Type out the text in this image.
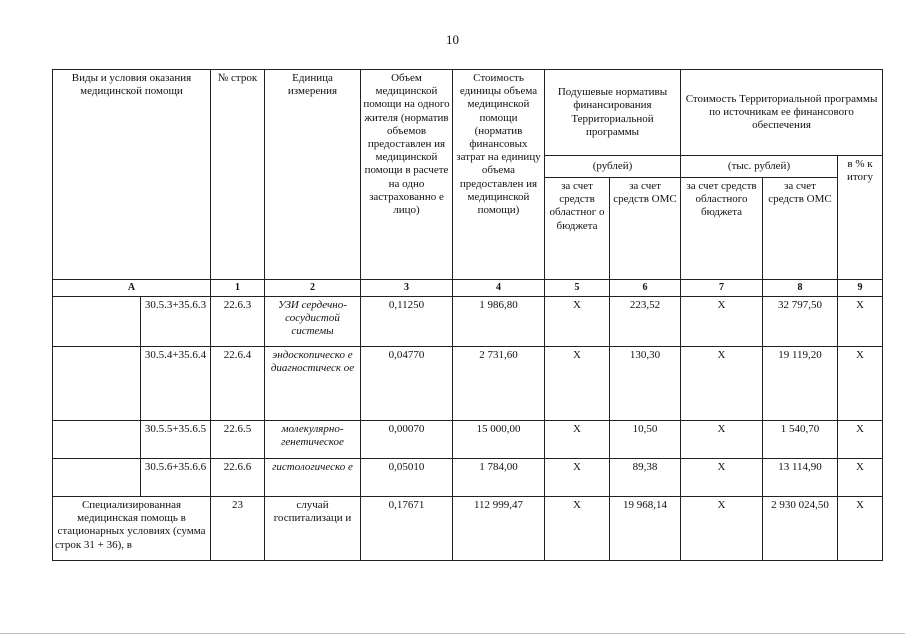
10
Виды и условия оказания медицинской помощи		№ строк	Единица измерения	Объем медицинской помощи на одного жителя (норматив объемов предоставлен ия медицинской помощи в расчете на одно застрахованно е лицо)	Стоимость единицы объема медицинской помощи (норматив финансовых затрат на единицу объема предоставлен ия медицинской помощи)	Подушевые нормативы финансирования Территориальной программы		Стоимость Территориальной программы по источникам ее финансового обеспечения		
						(рублей)		(тыс. рублей)		в % к итогу
						за счет средств областног о бюджета	за счет средств ОМС	за счет средств областного бюджета	за счет средств ОМС	
А		1	2	3	4	5	6	7	8	9
	30.5.3+35.6.3	22.6.3	УЗИ сердечно-сосудистой системы	0,11250	1 986,80	Х	223,52	Х	32 797,50	Х
	30.5.4+35.6.4	22.6.4	эндоскопическо е диагностическ ое	0,04770	2 731,60	Х	130,30	Х	19 119,20	Х
	30.5.5+35.6.5	22.6.5	молекулярно-генетическое	0,00070	15 000,00	Х	10,50	Х	1 540,70	Х
	30.5.6+35.6.6	22.6.6	гистологическо е	0,05010	1 784,00	Х	89,38	Х	13 114,90	Х
Специализированная медицинская помощь в стационарных условиях (сумма строк 31 + 36), в		23	случай госпитализаци и	0,17671	112 999,47	Х	19 968,14	Х	2 930 024,50	Х
